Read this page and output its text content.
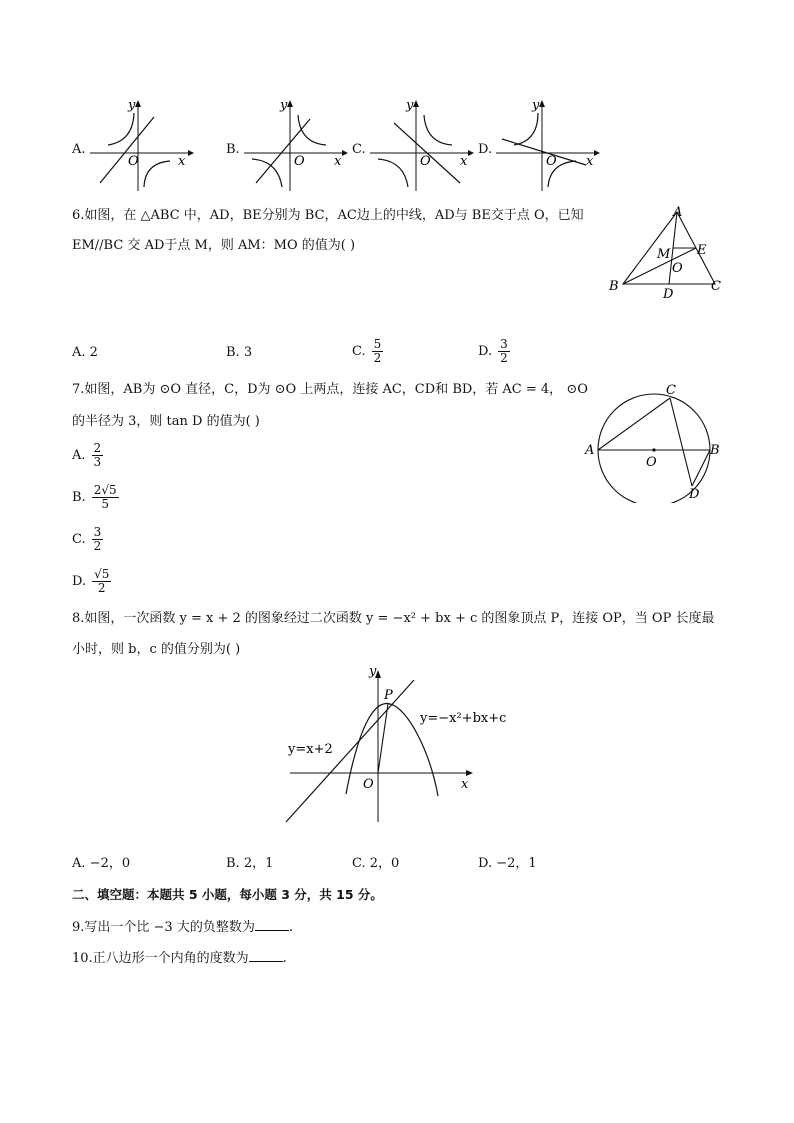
A.
O	x
y
B.
O x
y
C.
O x
y
D.
O x
y
6.如图，在 △ABC 中，AD，BE分别为 BC，AC边上的中线，AD与 BE交于点 O，已知
EM//BC 交 AD于点 M，则 AM：MO 的值为( )
A
B	C
D
E
M
O
A. 2	B. 3	C. $\frac{5}{2}$	D. $\frac{3}{2}$
7.如图，AB为 ⊙O 直径，C，D为 ⊙O 上两点，连接 AC，CD和 BD，若 AC = 4， ⊙O
的半径为 3，则 tan D 的值为( )
A	B
C
D
O
A. $\frac{2}{3}$
B. $\frac{2√5}{5}$
C. $\frac{3}{2}$
D. $\frac{√5}{2}$
8.如图，一次函数 y = x + 2 的图象经过二次函数 y = −x² + bx + c 的图象顶点 P，连接 OP，当 OP 长度最
小时，则 b，c 的值分别为( )
y
x
O
P
y=x+2
y=−x²+bx+c
A. −2，0	B. 2，1	C. 2，0	D. −2，1
二、填空题：本题共 5 小题，每小题 3 分，共 15 分。
9.写出一个比 −3 大的负整数为	.
10.正八边形一个内角的度数为	.
